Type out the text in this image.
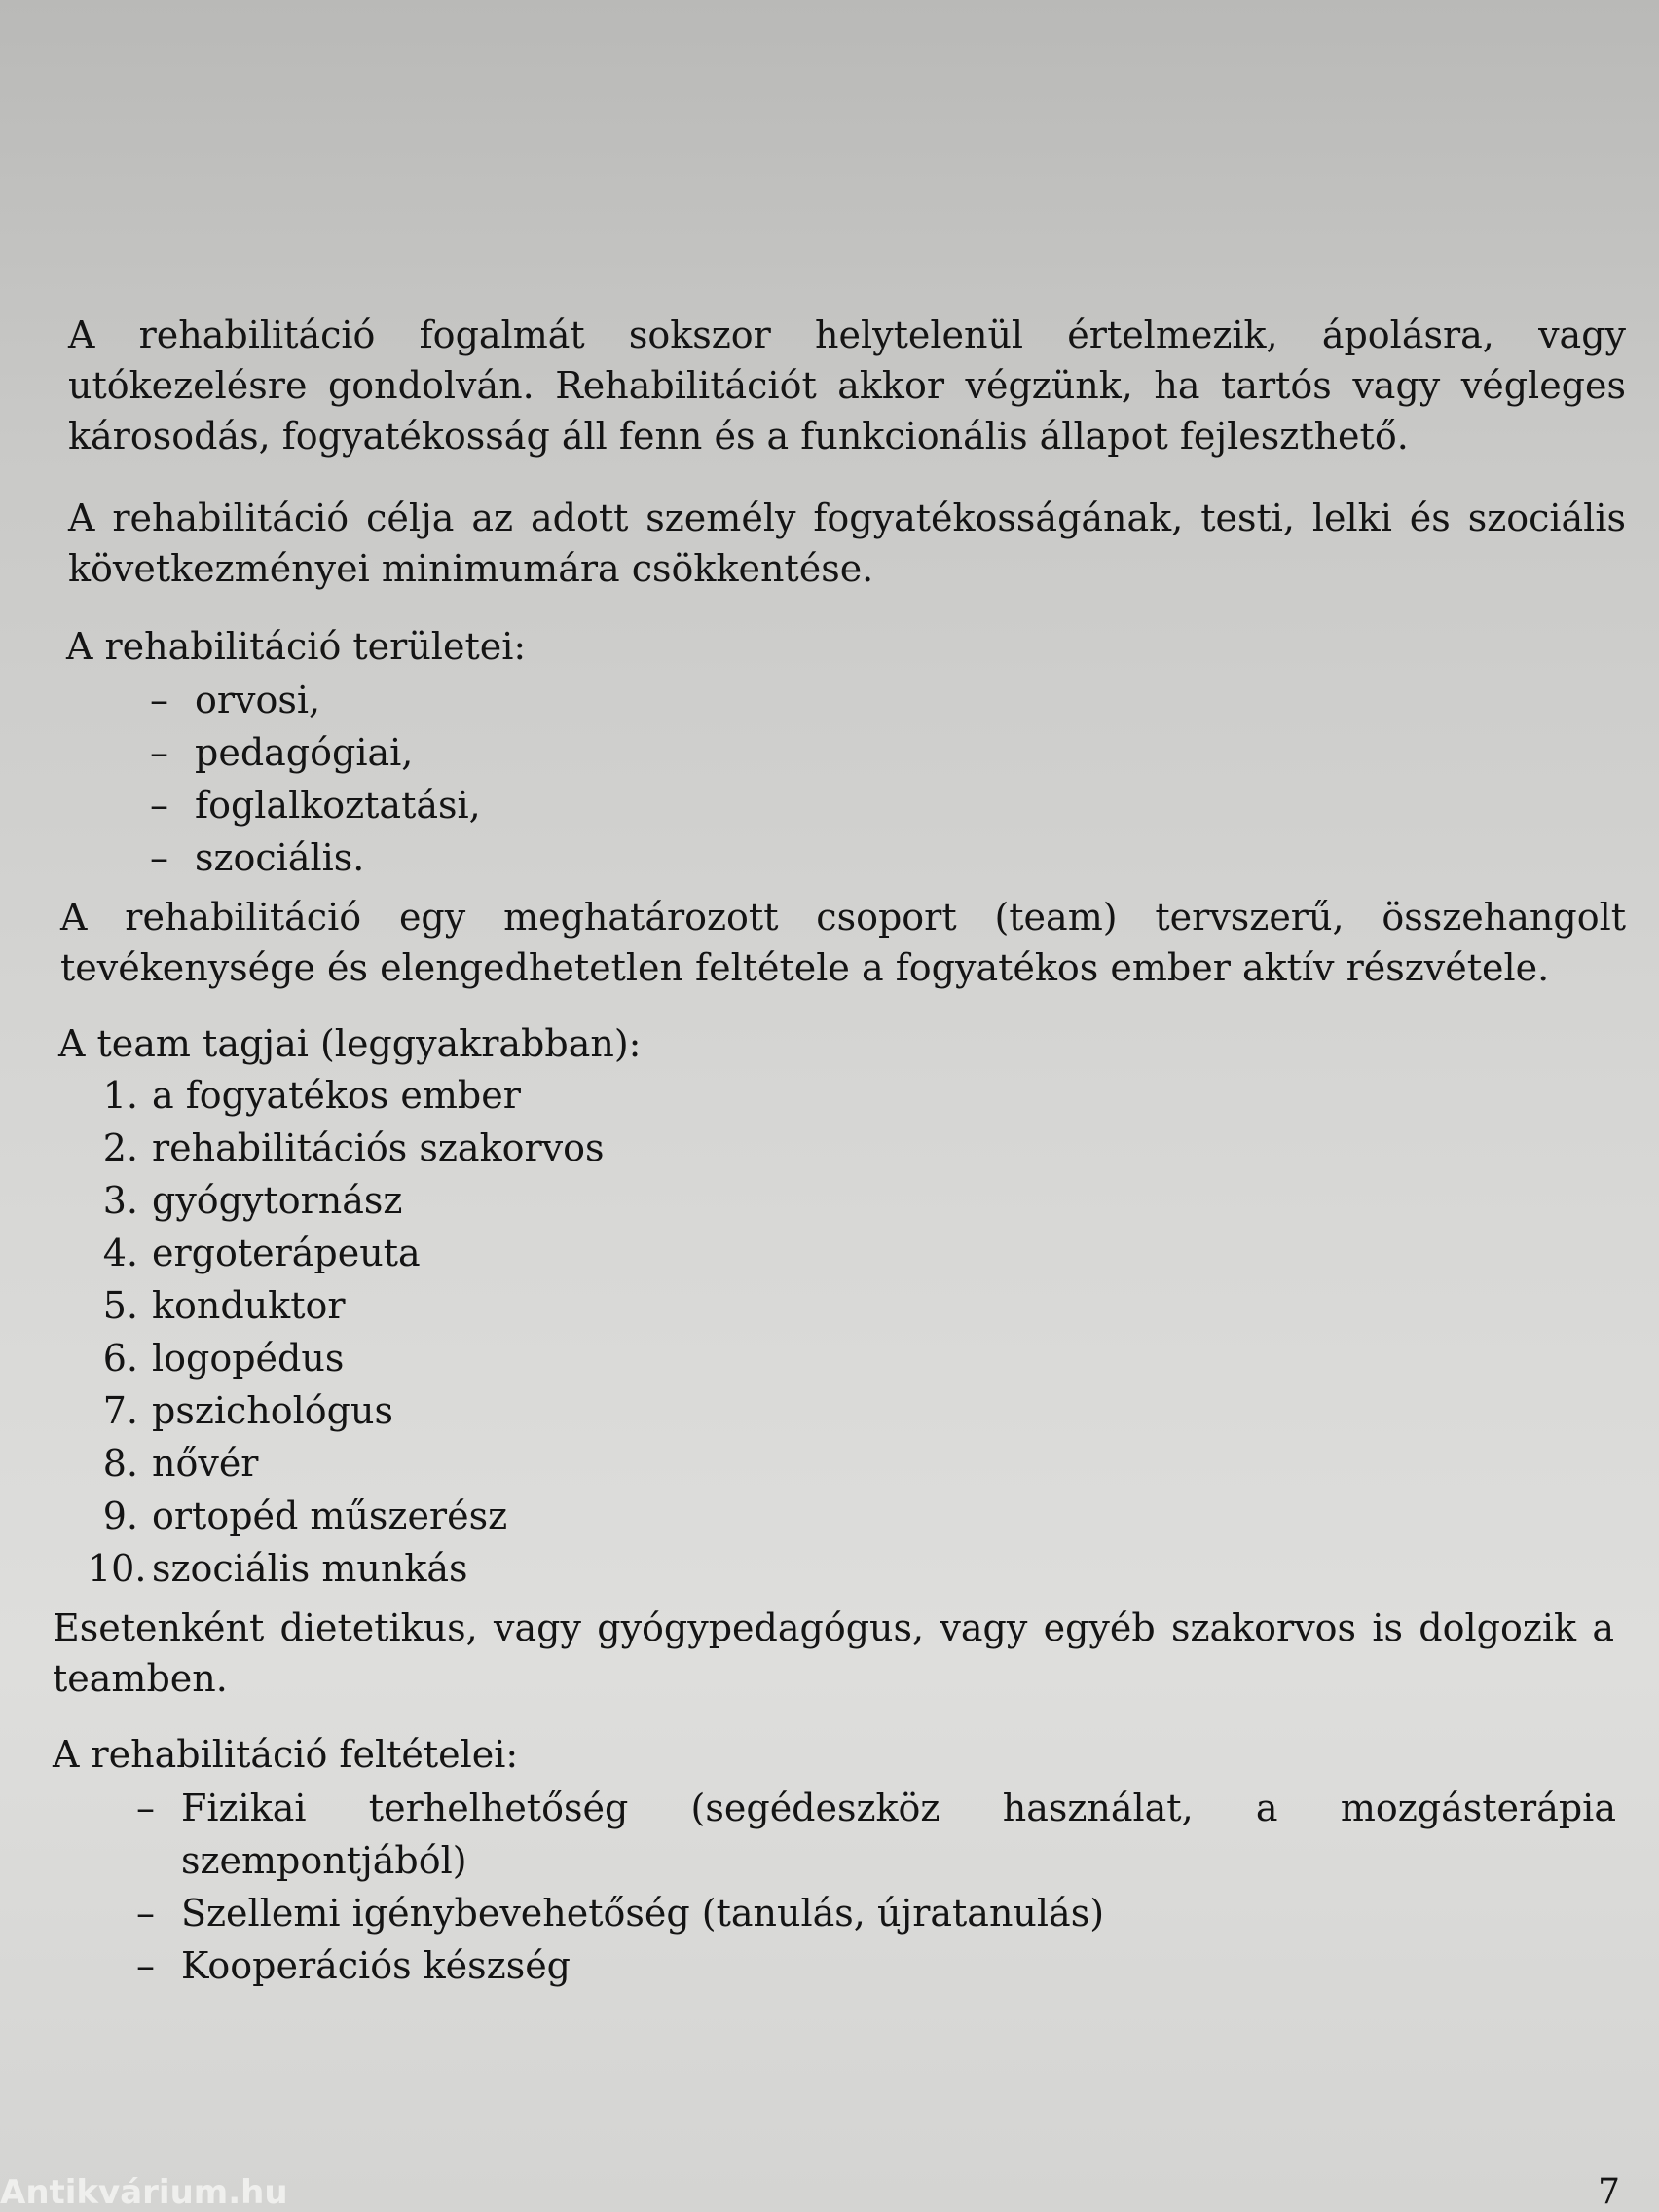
A rehabilitáció fogalmát sokszor helytelenül értelmezik, ápolásra, vagy utókezelésre gondolván. Rehabilitációt akkor végzünk, ha tartós vagy végleges károsodás, fogyatékosság áll fenn és a funkcionális állapot fejleszthető.

A rehabilitáció célja az adott személy fogyatékosságának, testi, lelki és szociális következményei minimumára csökkentése.

A rehabilitáció területei:
– orvosi,
– pedagógiai,
– foglalkoztatási,
– szociális.

A rehabilitáció egy meghatározott csoport (team) tervszerű, összehangolt tevékenysége és elengedhetetlen feltétele a fogyatékos ember aktív részvétele.

A team tagjai (leggyakrabban):
1. a fogyatékos ember
2. rehabilitációs szakorvos
3. gyógytornász
4. ergoterápeuta
5. konduktor
6. logopédus
7. pszichológus
8. nővér
9. ortopéd műszerész
10. szociális munkás

Esetenként dietetikus, vagy gyógypedagógus, vagy egyéb szakorvos is dolgozik a teamben.

A rehabilitáció feltételei:
– Fizikai terhelhetőség (segédeszköz használat, a mozgásterápia szempontjából)
– Szellemi igénybevehetőség (tanulás, újratanulás)
– Kooperációs készség
Antikvárium.hu	7
